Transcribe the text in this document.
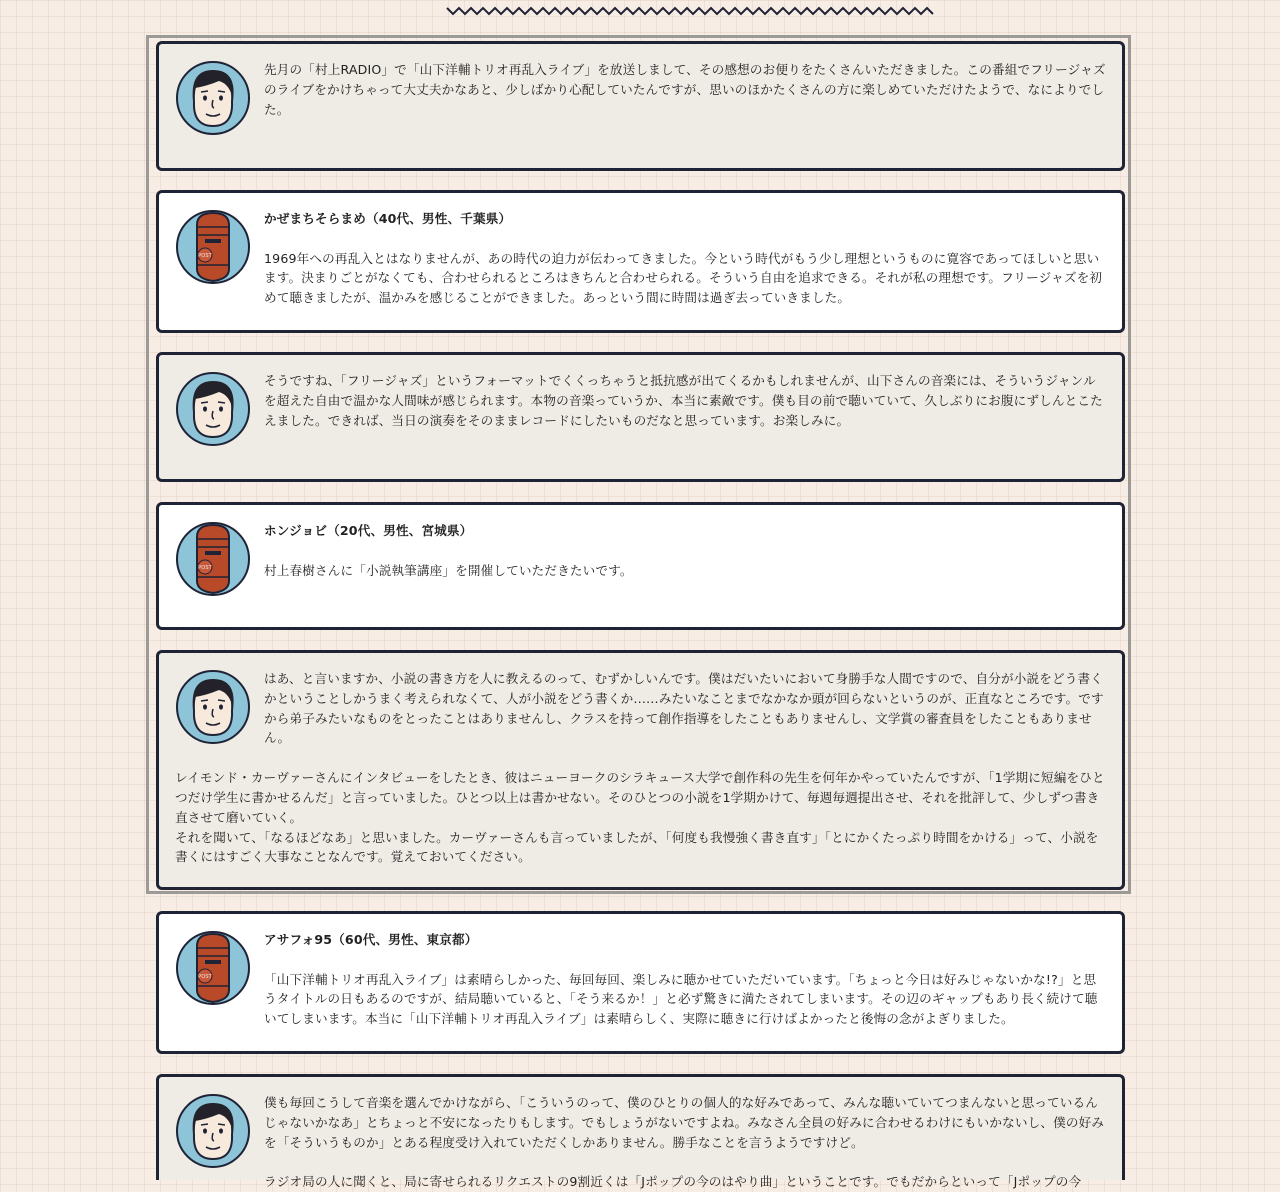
先月の「村上RADIO」で「山下洋輔トリオ再乱入ライブ」を放送しまして、その感想のお便りをたくさんいただきました。この番組でフリージャズのライブをかけちゃって大丈夫かなあと、少しばかり心配していたんですが、思いのほかたくさんの方に楽しめていただけたようで、なによりでした。

POST

かぜまちそらまめ（40代、男性、千葉県）

1969年への再乱入とはなりませんが、あの時代の迫力が伝わってきました。今という時代がもう少し理想というものに寛容であってほしいと思います。決まりごとがなくても、合わせられるところはきちんと合わせられる。そういう自由を追求できる。それが私の理想です。フリージャズを初めて聴きましたが、温かみを感じることができました。あっという間に時間は過ぎ去っていきました。

そうですね、「フリージャズ」というフォーマットでくくっちゃうと抵抗感が出てくるかもしれませんが、山下さんの音楽には、そういうジャンルを超えた自由で温かな人間味が感じられます。本物の音楽っていうか、本当に素敵です。僕も目の前で聴いていて、久しぶりにお腹にずしんとこたえました。できれば、当日の演奏をそのままレコードにしたいものだなと思っています。お楽しみに。

POST

ホンジョビ（20代、男性、宮城県）

村上春樹さんに「小説執筆講座」を開催していただきたいです。

はあ、と言いますか、小説の書き方を人に教えるのって、むずかしいんです。僕はだいたいにおいて身勝手な人間ですので、自分が小説をどう書くかということしかうまく考えられなくて、人が小説をどう書くか……みたいなことまでなかなか頭が回らないというのが、正直なところです。ですから弟子みたいなものをとったことはありませんし、クラスを持って創作指導をしたこともありませんし、文学賞の審査員をしたこともありません。

レイモンド・カーヴァーさんにインタビューをしたとき、彼はニューヨークのシラキュース大学で創作科の先生を何年かやっていたんですが、「1学期に短編をひとつだけ学生に書かせるんだ」と言っていました。ひとつ以上は書かせない。そのひとつの小説を1学期かけて、毎週毎週提出させ、それを批評して、少しずつ書き直させて磨いていく。

それを聞いて、「なるほどなあ」と思いました。カーヴァーさんも言っていましたが、「何度も我慢強く書き直す」「とにかくたっぷり時間をかける」って、小説を書くにはすごく大事なことなんです。覚えておいてください。

POST

アサフォ95（60代、男性、東京都）

「山下洋輔トリオ再乱入ライブ」は素晴らしかった、毎回毎回、楽しみに聴かせていただいています。「ちょっと今日は好みじゃないかな!?」と思うタイトルの日もあるのですが、結局聴いていると、「そう来るか！」と必ず驚きに満たされてしまいます。その辺のギャップもあり長く続けて聴いてしまいます。本当に「山下洋輔トリオ再乱入ライブ」は素晴らしく、実際に聴きに行けばよかったと後悔の念がよぎりました。

僕も毎回こうして音楽を選んでかけながら、「こういうのって、僕のひとりの個人的な好みであって、みんな聴いていてつまんないと思っているんじゃないかなあ」とちょっと不安になったりもします。でもしょうがないですよね。みなさん全員の好みに合わせるわけにもいかないし、僕の好みを「そういうものか」とある程度受け入れていただくしかありません。勝手なことを言うようですけど。

ラジオ局の人に聞くと、局に寄せられるリクエストの9割近くは「Jポップの今のはやり曲」ということです。でもだからといって「Jポップの今
